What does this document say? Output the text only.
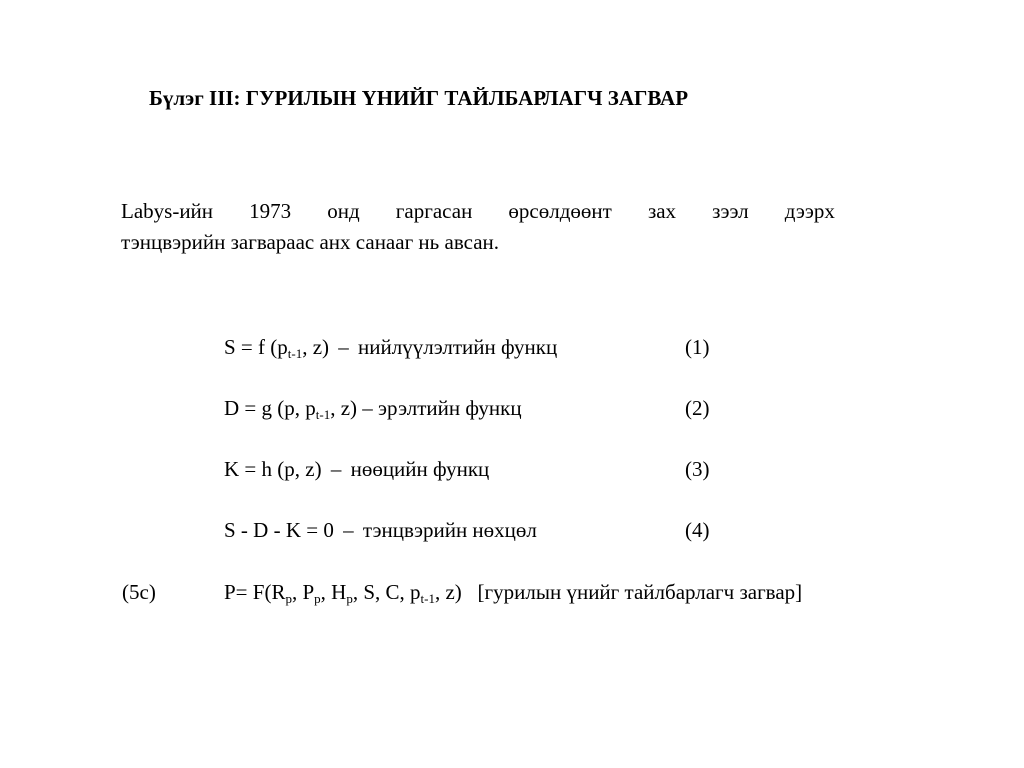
Бүлэг III: ГУРИЛЫН ҮНИЙГ ТАЙЛБАРЛАГЧ ЗАГВАР
Labys-ийн 1973 онд гаргасан өрсөлдөөнт зах зээл дээрх
тэнцвэрийн загвараас анх санааг нь авсан.
S = f ($p_{t-1}$, z) – нийлүүлэлтийн функц	(1)
D = g (p, $p_{t-1}$, z) – эрэлтийн функц	(2)
K = h (p, z) – нөөцийн функц	(3)
S - D - K = 0 – тэнцвэрийн нөхцөл	(4)
(5c)	$P= F(R_p$, $P_p$, $H_p$, S, C, $p_{t-1}$, z) [гурилын үнийг тайлбарлагч загвар]
